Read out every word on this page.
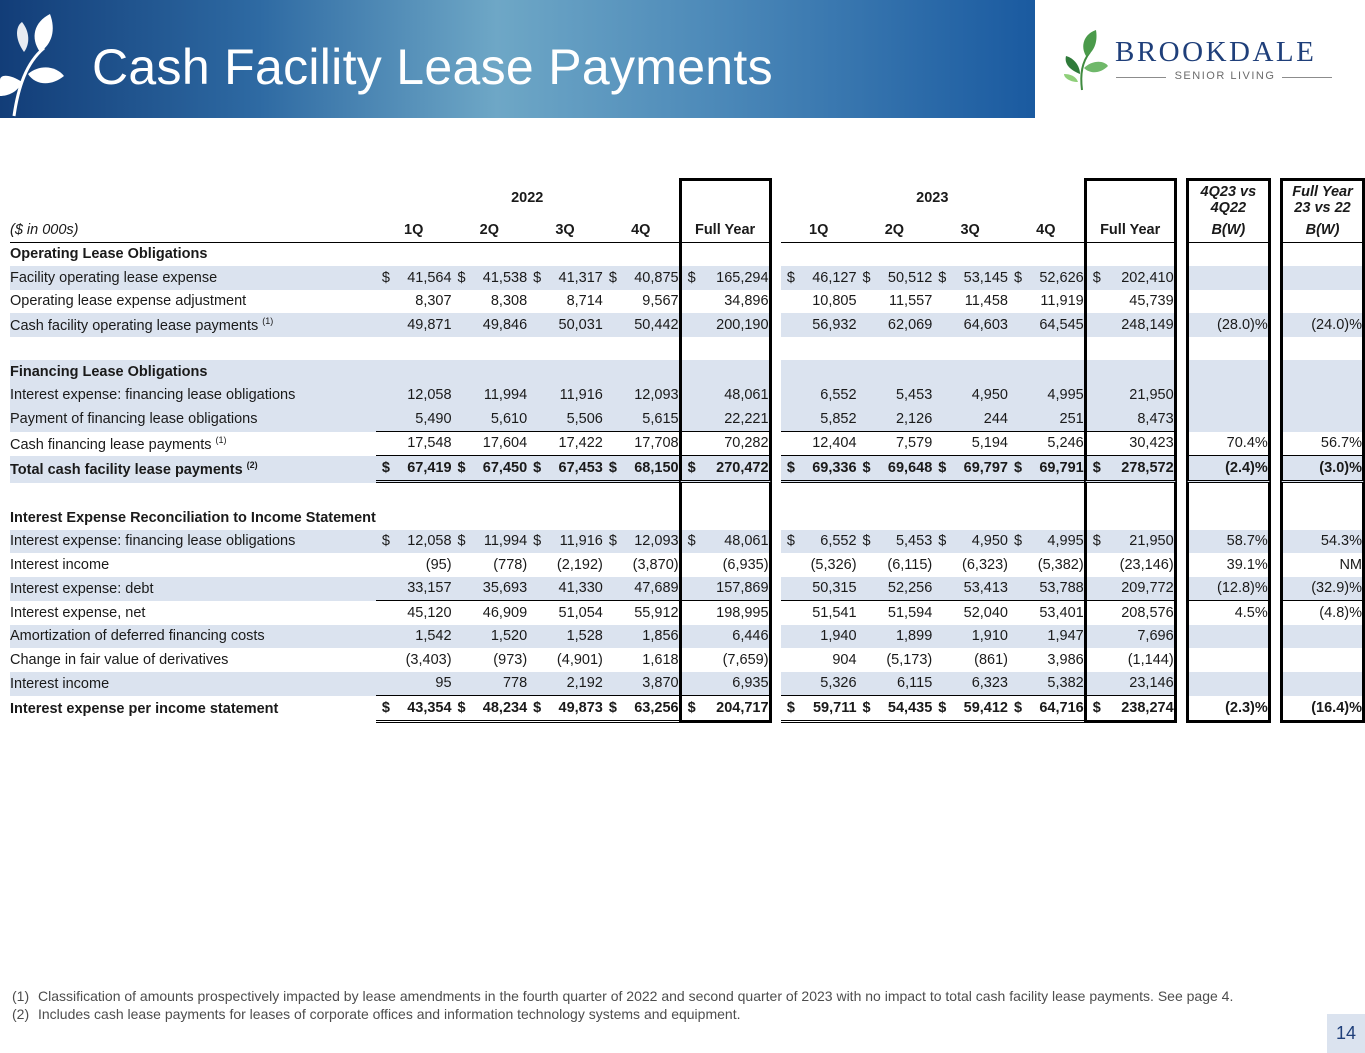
Cash Facility Lease Payments	BROOKDALE
SENIOR LIVING
	2022						2023						4Q23 vs 4Q22		Full Year 23 vs 22
($ in 000s)	1Q	2Q	3Q	4Q	Full Year		1Q	2Q	3Q	4Q	Full Year		B(W)		B(W)
Operating Lease Obligations															
Facility operating lease expense	$ 41,564	$ 41,538	$ 41,317	$ 40,875	$ 165,294		$ 46,127	$ 50,512	$ 53,145	$ 52,626	$ 202,410				
Operating lease expense adjustment	8,307	8,308	8,714	9,567	34,896		10,805	11,557	11,458	11,919	45,739				
Cash facility operating lease payments $^{(1)}$	49,871	49,846	50,031	50,442	200,190		56,932	62,069	64,603	64,545	248,149		(28.0)%		(24.0)%

Financing Lease Obligations															
Interest expense: financing lease obligations	12,058	11,994	11,916	12,093	48,061		6,552	5,453	4,950	4,995	21,950				
Payment of financing lease obligations	5,490	5,610	5,506	5,615	22,221		5,852	2,126	244	251	8,473				
Cash financing lease payments $^{(1)}$	17,548	17,604	17,422	17,708	70,282		12,404	7,579	5,194	5,246	30,423		70.4%		56.7%
Total cash facility lease payments $^{(2)}$	$ 67,419	$ 67,450	$ 67,453	$ 68,150	$ 270,472		$ 69,336	$ 69,648	$ 69,797	$ 69,791	$ 278,572		(2.4)%		(3.0)%

Interest Expense Reconciliation to Income Statement															
Interest expense: financing lease obligations	$ 12,058	$ 11,994	$ 11,916	$ 12,093	$ 48,061		$ 6,552	$ 5,453	$ 4,950	$ 4,995	$ 21,950		58.7%		54.3%
Interest income	(95)	(778)	(2,192)	(3,870)	(6,935)		(5,326)	(6,115)	(6,323)	(5,382)	(23,146)		39.1%		NM
Interest expense: debt	33,157	35,693	41,330	47,689	157,869		50,315	52,256	53,413	53,788	209,772		(12.8)%		(32.9)%
Interest expense, net	45,120	46,909	51,054	55,912	198,995		51,541	51,594	52,040	53,401	208,576		4.5%		(4.8)%
Amortization of deferred financing costs	1,542	1,520	1,528	1,856	6,446		1,940	1,899	1,910	1,947	7,696				
Change in fair value of derivatives	(3,403)	(973)	(4,901)	1,618	(7,659)		904	(5,173)	(861)	3,986	(1,144)				
Interest income	95	778	2,192	3,870	6,935		5,326	6,115	6,323	5,382	23,146				
Interest expense per income statement	$ 43,354	$ 48,234	$ 49,873	$ 63,256	$ 204,717		$ 59,711	$ 54,435	$ 59,412	$ 64,716	$ 238,274		(2.3)%		(16.4)%
(1) Classification of amounts prospectively impacted by lease amendments in the fourth quarter of 2022 and second quarter of 2023 with no impact to total cash facility lease payments. See page 4.
(2) Includes cash lease payments for leases of corporate offices and information technology systems and equipment.
14
